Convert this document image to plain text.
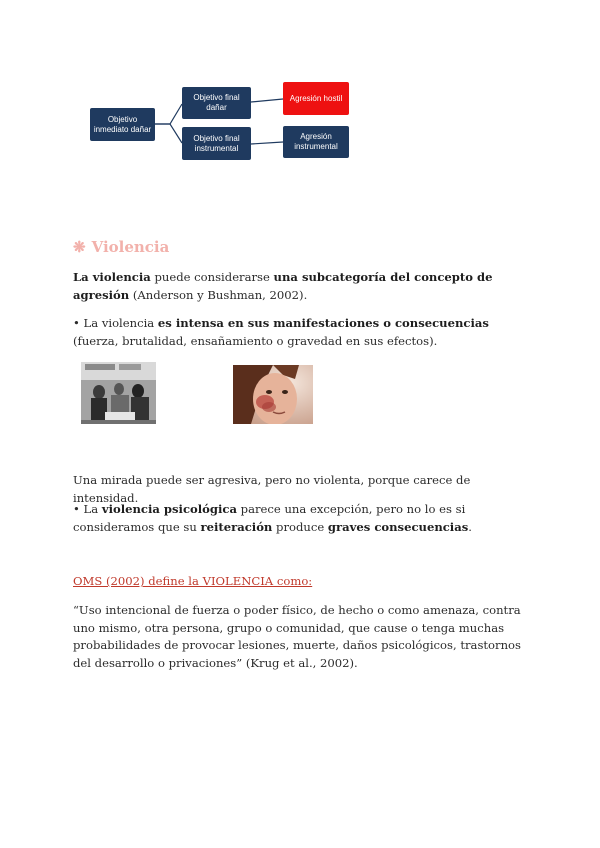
Objetivo inmediato dañar
Objetivo final dañar
Objetivo final instrumental
Agresión hostil
Agresión instrumental
❋ Violencia
La violencia puede considerarse una subcategoría del concepto de agresión (Anderson y Bushman, 2002).
• La violencia es intensa en sus manifestaciones o consecuencias (fuerza, brutalidad, ensañamiento o gravedad en sus efectos).
Una mirada puede ser agresiva, pero no violenta, porque carece de intensidad.
• La violencia psicológica parece una excepción, pero no lo es si consideramos que su reiteración produce graves consecuencias.
OMS (2002) define la VIOLENCIA como:
“Uso intencional de fuerza o poder físico, de hecho o como amenaza, contra uno mismo, otra persona, grupo o comunidad, que cause o tenga muchas probabilidades de provocar lesiones, muerte, daños psicológicos, trastornos del desarrollo o privaciones” (Krug et al., 2002).
